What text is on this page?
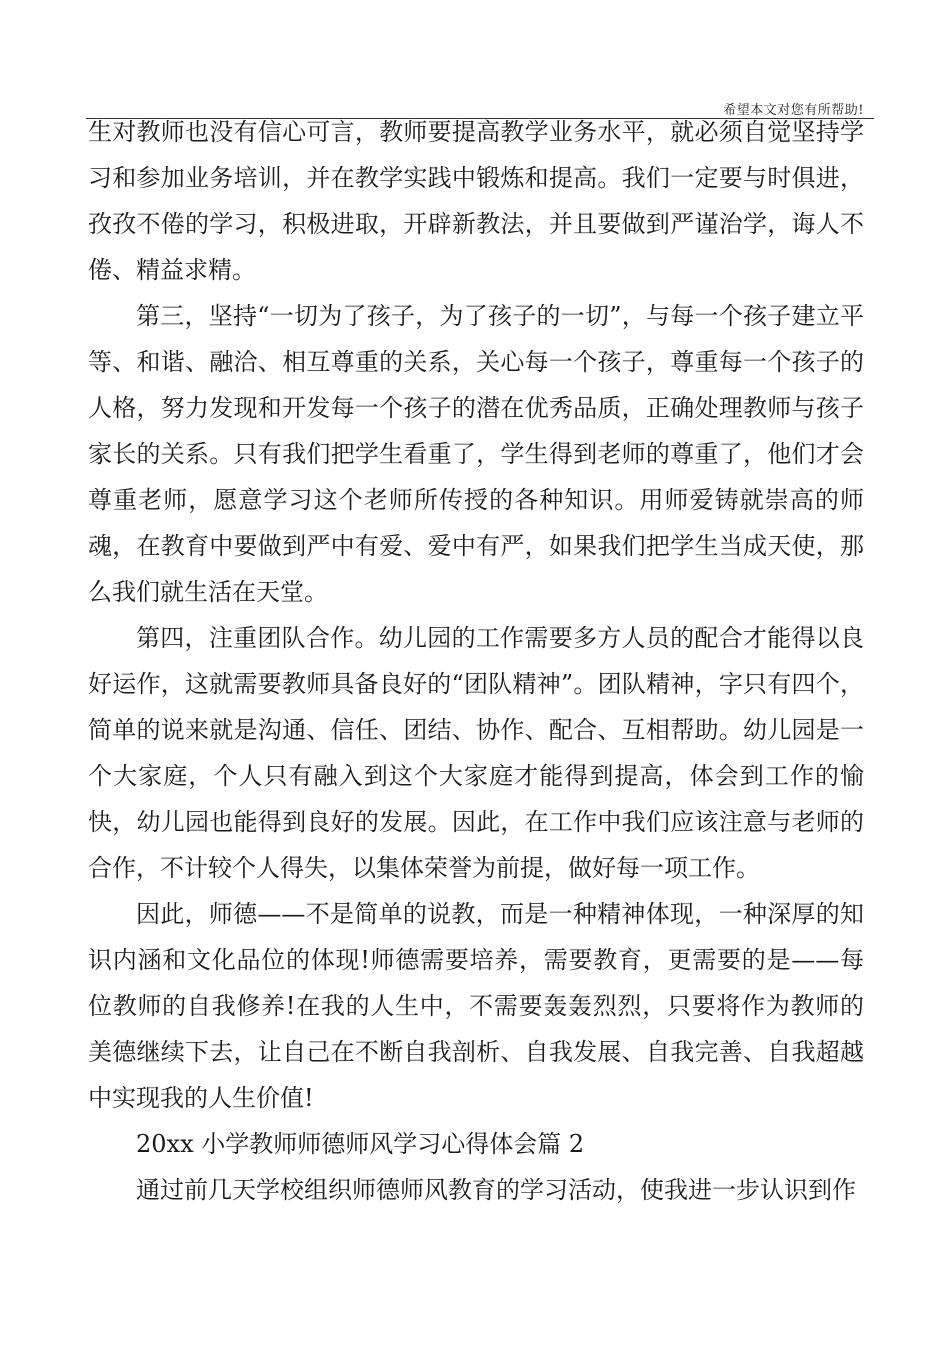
希望本文对您有所帮助!

生对教师也没有信心可言，教师要提高教学业务水平，就必须自觉坚持学习和参加业务培训，并在教学实践中锻炼和提高。我们一定要与时俱进，孜孜不倦的学习，积极进取，开辟新教法，并且要做到严谨治学，诲人不倦、精益求精。

第三，坚持“一切为了孩子，为了孩子的一切”，与每一个孩子建立平等、和谐、融洽、相互尊重的关系，关心每一个孩子，尊重每一个孩子的人格，努力发现和开发每一个孩子的潜在优秀品质，正确处理教师与孩子家长的关系。只有我们把学生看重了，学生得到老师的尊重了，他们才会尊重老师，愿意学习这个老师所传授的各种知识。用师爱铸就崇高的师魂，在教育中要做到严中有爱、爱中有严，如果我们把学生当成天使，那么我们就生活在天堂。

第四，注重团队合作。幼儿园的工作需要多方人员的配合才能得以良好运作，这就需要教师具备良好的“团队精神”。团队精神，字只有四个，简单的说来就是沟通、信任、团结、协作、配合、互相帮助。幼儿园是一个大家庭，个人只有融入到这个大家庭才能得到提高，体会到工作的愉快，幼儿园也能得到良好的发展。因此，在工作中我们应该注意与老师的合作，不计较个人得失，以集体荣誉为前提，做好每一项工作。

因此，师德——不是简单的说教，而是一种精神体现，一种深厚的知识内涵和文化品位的体现!师德需要培养，需要教育，更需要的是——每位教师的自我修养!在我的人生中，不需要轰轰烈烈，只要将作为教师的美德继续下去，让自己在不断自我剖析、自我发展、自我完善、自我超越中实现我的人生价值!

20xx 小学教师师德师风学习心得体会篇 2

通过前几天学校组织师德师风教育的学习活动，使我进一步认识到作
